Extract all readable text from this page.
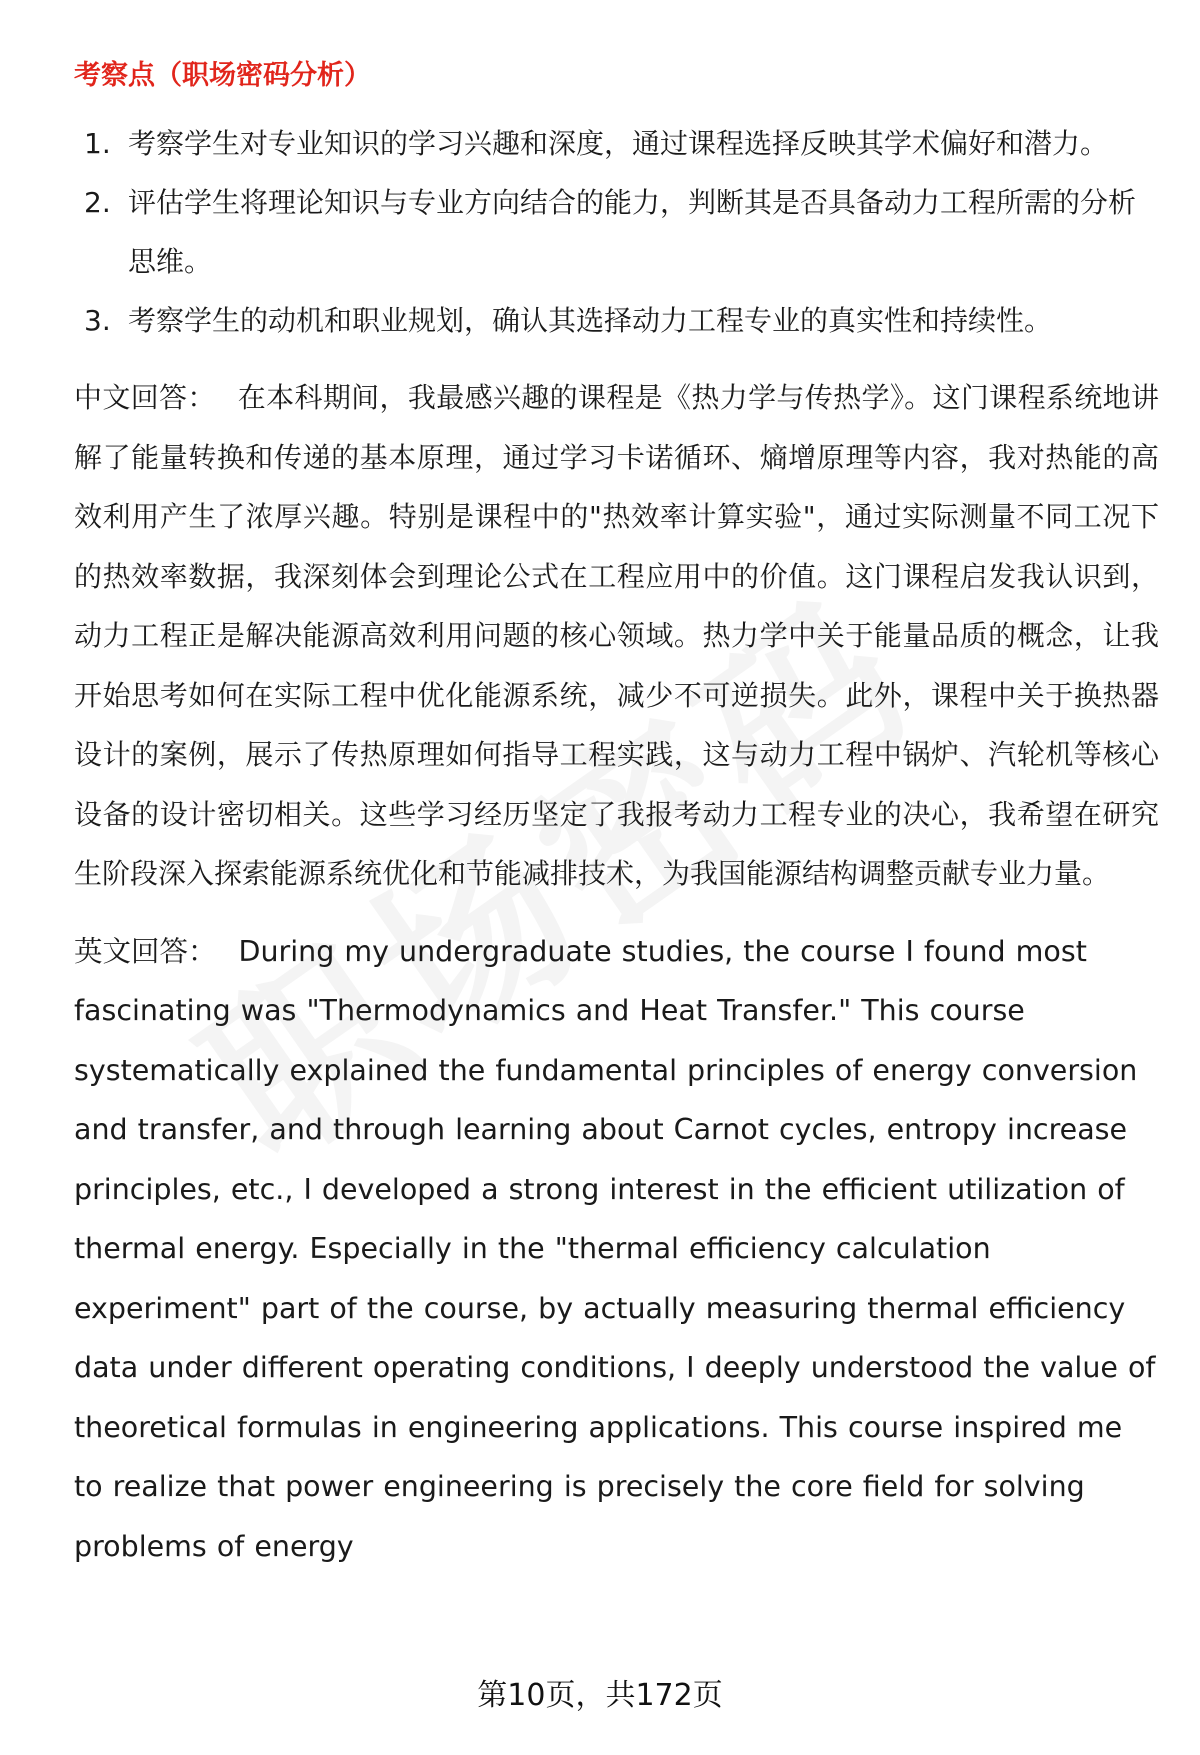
考察点（职场密码分析）
1. 考察学生对专业知识的学习兴趣和深度，通过课程选择反映其学术偏好和潜力。
2. 评估学生将理论知识与专业方向结合的能力，判断其是否具备动力工程所需的分析思维。
3. 考察学生的动机和职业规划，确认其选择动力工程专业的真实性和持续性。

中文回答： 在本科期间，我最感兴趣的课程是《热力学与传热学》。这门课程系统地讲解了能量转换和传递的基本原理，通过学习卡诺循环、熵增原理等内容，我对热能的高效利用产生了浓厚兴趣。特别是课程中的"热效率计算实验"，通过实际测量不同工况下的热效率数据，我深刻体会到理论公式在工程应用中的价值。这门课程启发我认识到，动力工程正是解决能源高效利用问题的核心领域。热力学中关于能量品质的概念，让我开始思考如何在实际工程中优化能源系统，减少不可逆损失。此外，课程中关于换热器设计的案例，展示了传热原理如何指导工程实践，这与动力工程中锅炉、汽轮机等核心设备的设计密切相关。这些学习经历坚定了我报考动力工程专业的决心，我希望在研究生阶段深入探索能源系统优化和节能减排技术，为我国能源结构调整贡献专业力量。

英文回答： During my undergraduate studies, the course I found most fascinating was "Thermodynamics and Heat Transfer." This course systematically explained the fundamental principles of energy conversion and transfer, and through learning about Carnot cycles, entropy increase principles, etc., I developed a strong interest in the efficient utilization of thermal energy. Especially in the "thermal efficiency calculation experiment" part of the course, by actually measuring thermal efficiency data under different operating conditions, I deeply understood the value of theoretical formulas in engineering applications. This course inspired me to realize that power engineering is precisely the core field for solving problems of energy

第10页，共172页
